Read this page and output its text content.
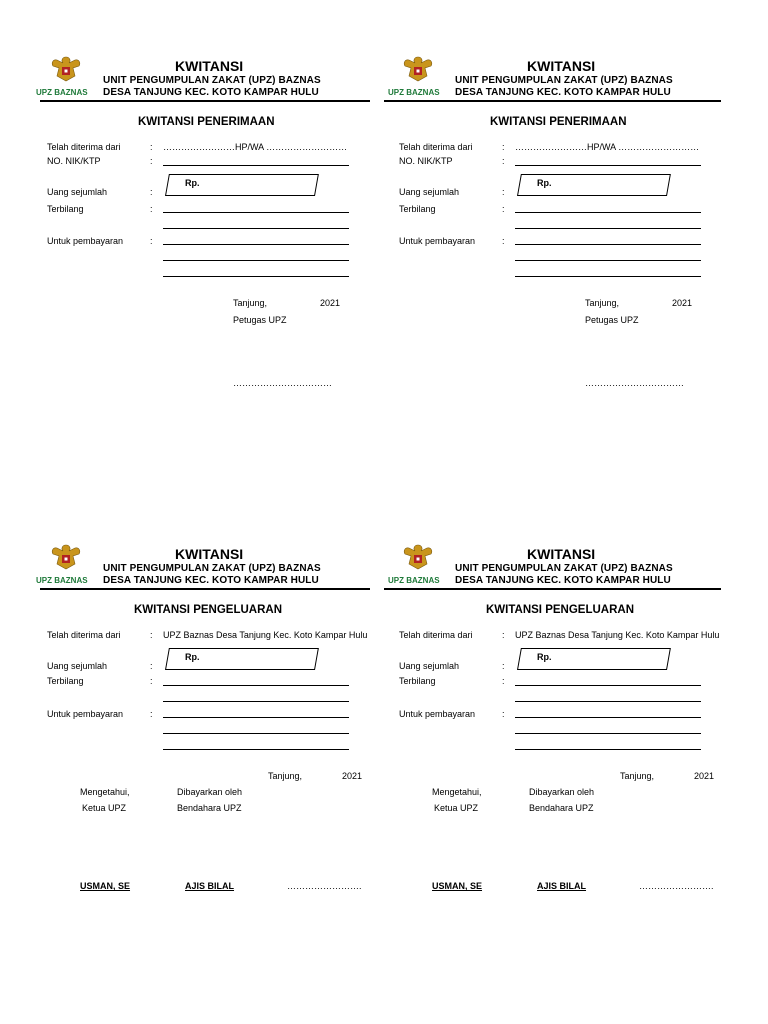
UPZ BAZNAS
KWITANSI
UNIT PENGUMPULAN ZAKAT (UPZ) BAZNAS
DESA TANJUNG KEC. KOTO KAMPAR HULU
KWITANSI PENERIMAAN
Telah diterima dari	: ……………………HP/WA ………………………
NO. NIK/KTP	:
Rp.
Uang sejumlah	:
Terbilang	:
Untuk pembayaran	:
Tanjung,	2021
Petugas UPZ
……………………………
UPZ BAZNAS
KWITANSI
UNIT PENGUMPULAN ZAKAT (UPZ) BAZNAS
DESA TANJUNG KEC. KOTO KAMPAR HULU
KWITANSI PENERIMAAN
Telah diterima dari	: ……………………HP/WA ………………………
NO. NIK/KTP	:
Rp.
Uang sejumlah	:
Terbilang	:
Untuk pembayaran	:
Tanjung,	2021
Petugas UPZ
……………………………
UPZ BAZNAS
KWITANSI
UNIT PENGUMPULAN ZAKAT (UPZ) BAZNAS
DESA TANJUNG KEC. KOTO KAMPAR HULU
KWITANSI PENGELUARAN
Telah diterima dari	: UPZ Baznas Desa Tanjung Kec. Koto Kampar Hulu
Rp.
Uang sejumlah	:
Terbilang	:
Untuk pembayaran	:
Tanjung,	2021
Mengetahui,
Ketua UPZ
Dibayarkan oleh
Bendahara UPZ
USMAN, SE	AJIS BILAL	…………………….
UPZ BAZNAS
KWITANSI
UNIT PENGUMPULAN ZAKAT (UPZ) BAZNAS
DESA TANJUNG KEC. KOTO KAMPAR HULU
KWITANSI PENGELUARAN
Telah diterima dari	: UPZ Baznas Desa Tanjung Kec. Koto Kampar Hulu
Rp.
Uang sejumlah	:
Terbilang	:
Untuk pembayaran	:
Tanjung,	2021
Mengetahui,
Ketua UPZ
Dibayarkan oleh
Bendahara UPZ
USMAN, SE	AJIS BILAL	…………………….
